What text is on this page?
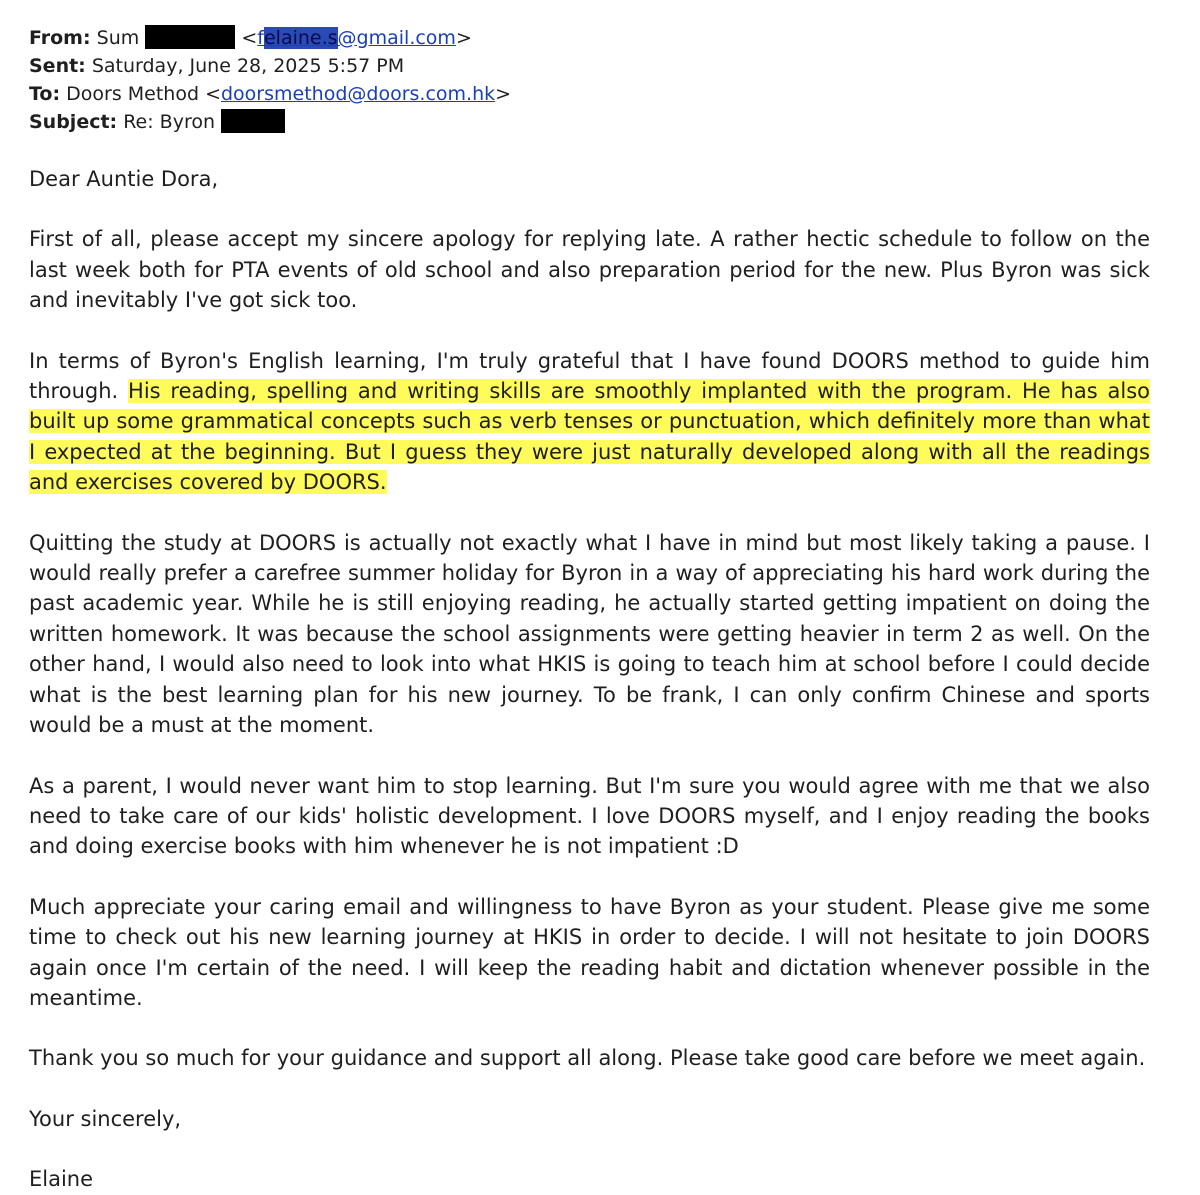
From: Sum	<felaine.s@gmail.com>
Sent: Saturday, June 28, 2025 5:57 PM
To: Doors Method <doorsmethod@doors.com.hk>
Subject: Re: Byron

Dear Auntie Dora,

First of all, please accept my sincere apology for replying late. A rather hectic schedule to follow on the last week both for PTA events of old school and also preparation period for the new. Plus Byron was sick and inevitably I've got sick too.

In terms of Byron's English learning, I'm truly grateful that I have found DOORS method to guide him through. His reading, spelling and writing skills are smoothly implanted with the program. He has also built up some grammatical concepts such as verb tenses or punctuation, which definitely more than what I expected at the beginning. But I guess they were just naturally developed along with all the readings and exercises covered by DOORS.

Quitting the study at DOORS is actually not exactly what I have in mind but most likely taking a pause. I would really prefer a carefree summer holiday for Byron in a way of appreciating his hard work during the past academic year. While he is still enjoying reading, he actually started getting impatient on doing the written homework. It was because the school assignments were getting heavier in term 2 as well. On the other hand, I would also need to look into what HKIS is going to teach him at school before I could decide what is the best learning plan for his new journey. To be frank, I can only confirm Chinese and sports would be a must at the moment.

As a parent, I would never want him to stop learning. But I'm sure you would agree with me that we also need to take care of our kids' holistic development. I love DOORS myself, and I enjoy reading the books and doing exercise books with him whenever he is not impatient :D

Much appreciate your caring email and willingness to have Byron as your student. Please give me some time to check out his new learning journey at HKIS in order to decide. I will not hesitate to join DOORS again once I'm certain of the need. I will keep the reading habit and dictation whenever possible in the meantime.

Thank you so much for your guidance and support all along. Please take good care before we meet again.

Your sincerely,

Elaine
